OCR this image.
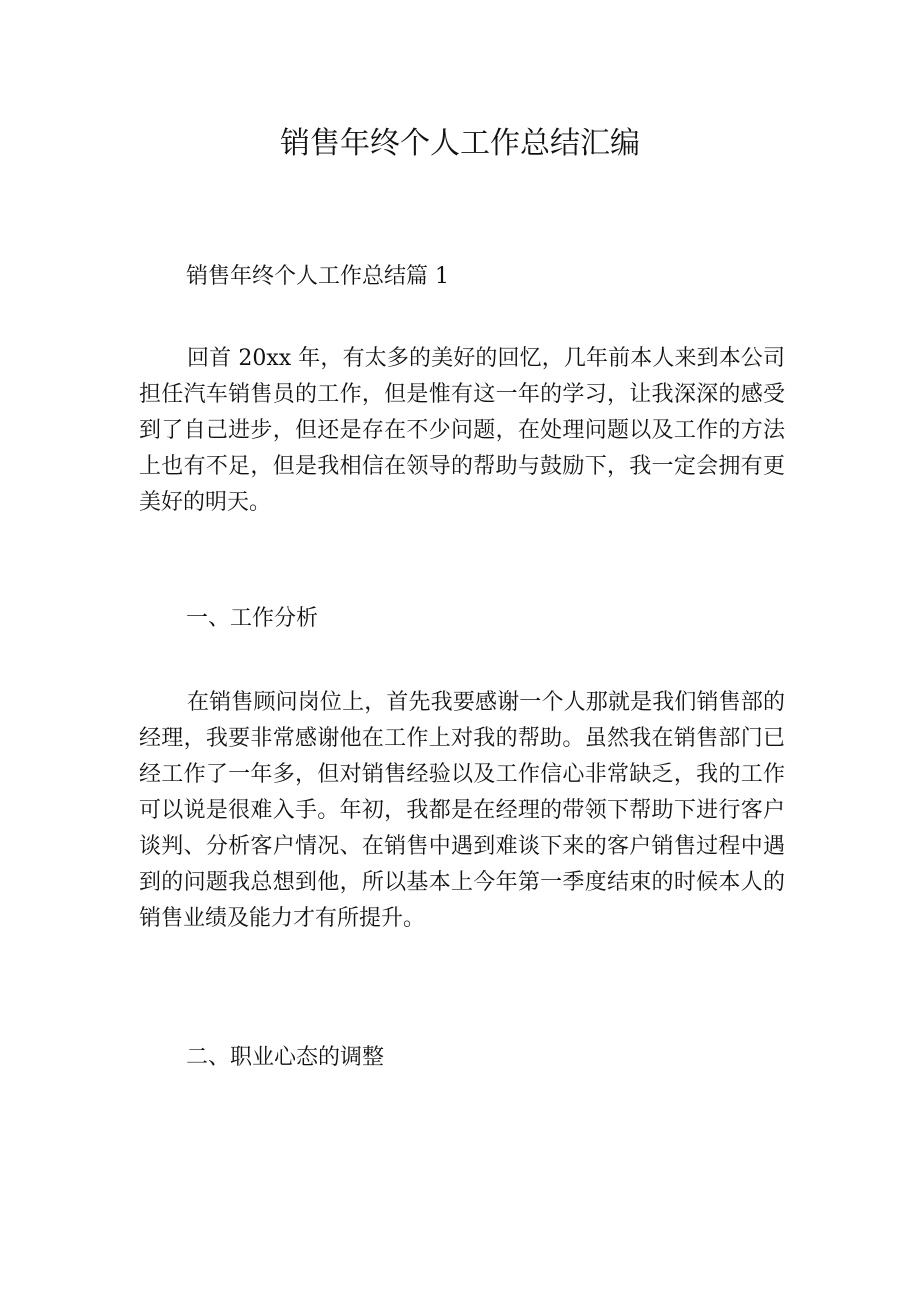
销售年终个人工作总结汇编

销售年终个人工作总结篇 1

回首 20xx 年，有太多的美好的回忆，几年前本人来到本公司担任汽车销售员的工作，但是惟有这一年的学习，让我深深的感受到了自己进步，但还是存在不少问题，在处理问题以及工作的方法上也有不足，但是我相信在领导的帮助与鼓励下，我一定会拥有更美好的明天。

一、工作分析

在销售顾问岗位上，首先我要感谢一个人那就是我们销售部的经理，我要非常感谢他在工作上对我的帮助。虽然我在销售部门已经工作了一年多，但对销售经验以及工作信心非常缺乏，我的工作可以说是很难入手。年初，我都是在经理的带领下帮助下进行客户谈判、分析客户情况、在销售中遇到难谈下来的客户销售过程中遇到的问题我总想到他，所以基本上今年第一季度结束的时候本人的销售业绩及能力才有所提升。

二、职业心态的调整
